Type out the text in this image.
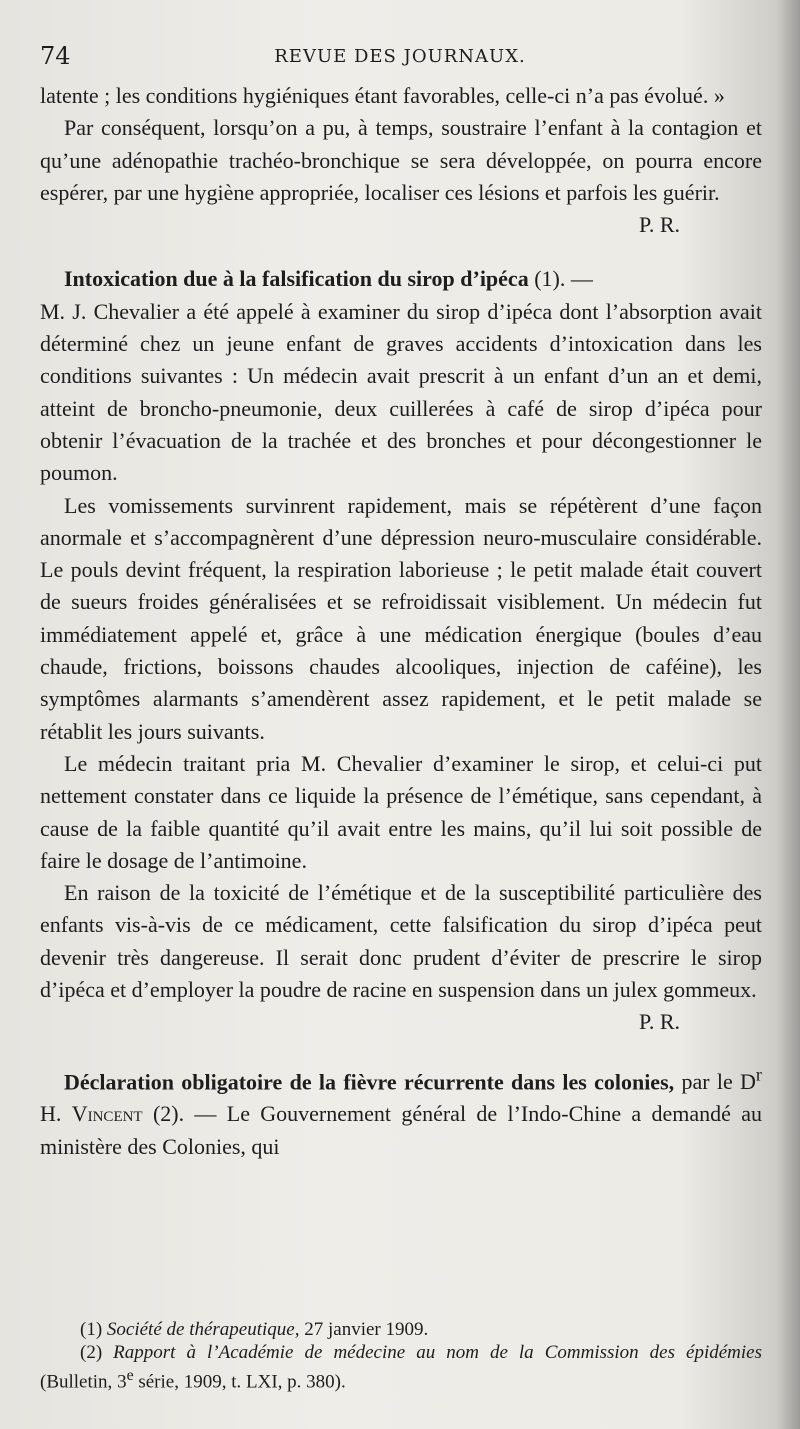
74	REVUE DES JOURNAUX.

latente ; les conditions hygiéniques étant favorables, celle-ci n’a pas évolué. »

Par conséquent, lorsqu’on a pu, à temps, soustraire l’enfant à la contagion et qu’une adénopathie trachéo-bronchique se sera développée, on pourra encore espérer, par une hygiène appropriée, localiser ces lésions et parfois les guérir.

P. R.

Intoxication due à la falsification du sirop d’ipéca (1). —

M. J. Chevalier a été appelé à examiner du sirop d’ipéca dont l’absorption avait déterminé chez un jeune enfant de graves accidents d’intoxication dans les conditions suivantes : Un médecin avait prescrit à un enfant d’un an et demi, atteint de broncho-pneumonie, deux cuillerées à café de sirop d’ipéca pour obtenir l’évacuation de la trachée et des bronches et pour décongestionner le poumon.

Les vomissements survinrent rapidement, mais se répétèrent d’une façon anormale et s’accompagnèrent d’une dépression neuro-musculaire considérable. Le pouls devint fréquent, la respiration laborieuse ; le petit malade était couvert de sueurs froides généralisées et se refroidissait visiblement. Un médecin fut immédiatement appelé et, grâce à une médication énergique (boules d’eau chaude, frictions, boissons chaudes alcooliques, injection de caféine), les symptômes alarmants s’amendèrent assez rapidement, et le petit malade se rétablit les jours suivants.

Le médecin traitant pria M. Chevalier d’examiner le sirop, et celui-ci put nettement constater dans ce liquide la présence de l’émétique, sans cependant, à cause de la faible quantité qu’il avait entre les mains, qu’il lui soit possible de faire le dosage de l’antimoine.

En raison de la toxicité de l’émétique et de la susceptibilité particulière des enfants vis-à-vis de ce médicament, cette falsification du sirop d’ipéca peut devenir très dangereuse. Il serait donc prudent d’éviter de prescrire le sirop d’ipéca et d’employer la poudre de racine en suspension dans un julex gommeux.

P. R.

Déclaration obligatoire de la fièvre récurrente dans les colonies, par le $D^r$ H. Vincent (2). — Le Gouvernement général de l’Indo-Chine a demandé au ministère des Colonies, qui

(1) Société de thérapeutique, 27 janvier 1909.

(2) Rapport à l’Académie de médecine au nom de la Commission des épidémies (Bulletin, 3e série, 1909, t. LXI, p. 380).
